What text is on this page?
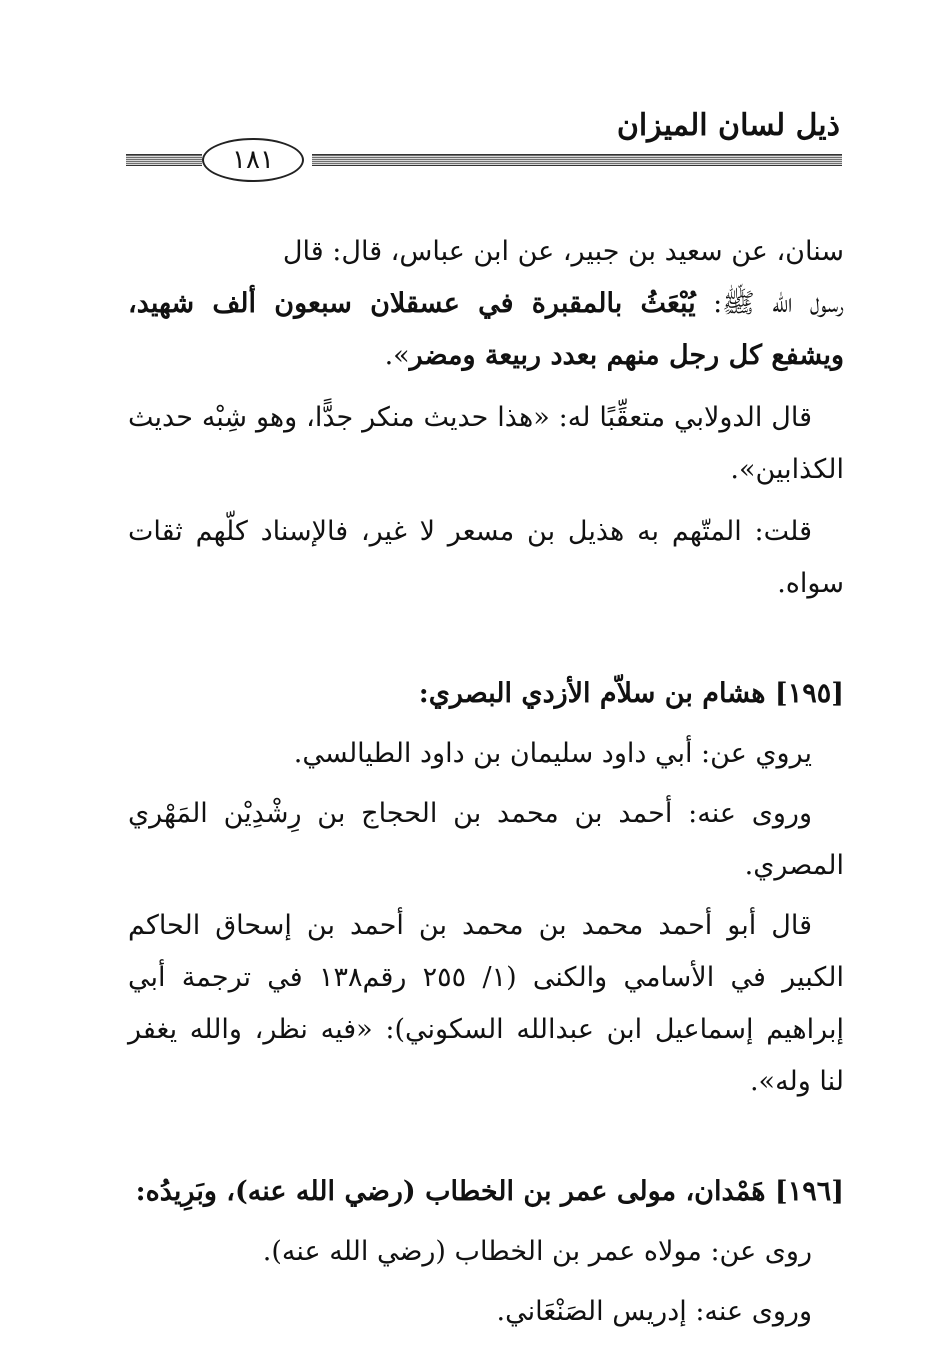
ذيل لسان الميزان
١٨١

سنان، عن سعيد بن جبير، عن ابن عباس، قال: قال
رسول الله ﷺ: يُبْعَثُ بالمقبرة في عسقلان سبعون ألف شهيد، ويشفع كل رجل منهم بعدد ربيعة ومضر».

قال الدولابي متعقِّبًا له: «هذا حديث منكر جدًّا، وهو شِبْه حديث الكذابين».

قلت: المتّهم به هذيل بن مسعر لا غير، فالإسناد كلّهم ثقات سواه.

[١٩٥] هشام بن سلاّم الأزدي البصري:

يروي عن: أبي داود سليمان بن داود الطيالسي.

وروى عنه: أحمد بن محمد بن الحجاج بن رِشْدِيْن المَهْري المصري.

قال أبو أحمد محمد بن محمد بن أحمد بن إسحاق الحاكم الكبير في الأسامي والكنى (١/ ٢٥٥ رقم١٣٨ في ترجمة أبي إبراهيم إسماعيل ابن عبدالله السكوني): «فيه نظر، والله يغفر لنا وله».

[١٩٦] هَمْدان، مولى عمر بن الخطاب (رضي الله عنه)، وبَرِيدُه:

روى عن: مولاه عمر بن الخطاب (رضي الله عنه).

وروى عنه: إدريس الصَنْعَاني.
